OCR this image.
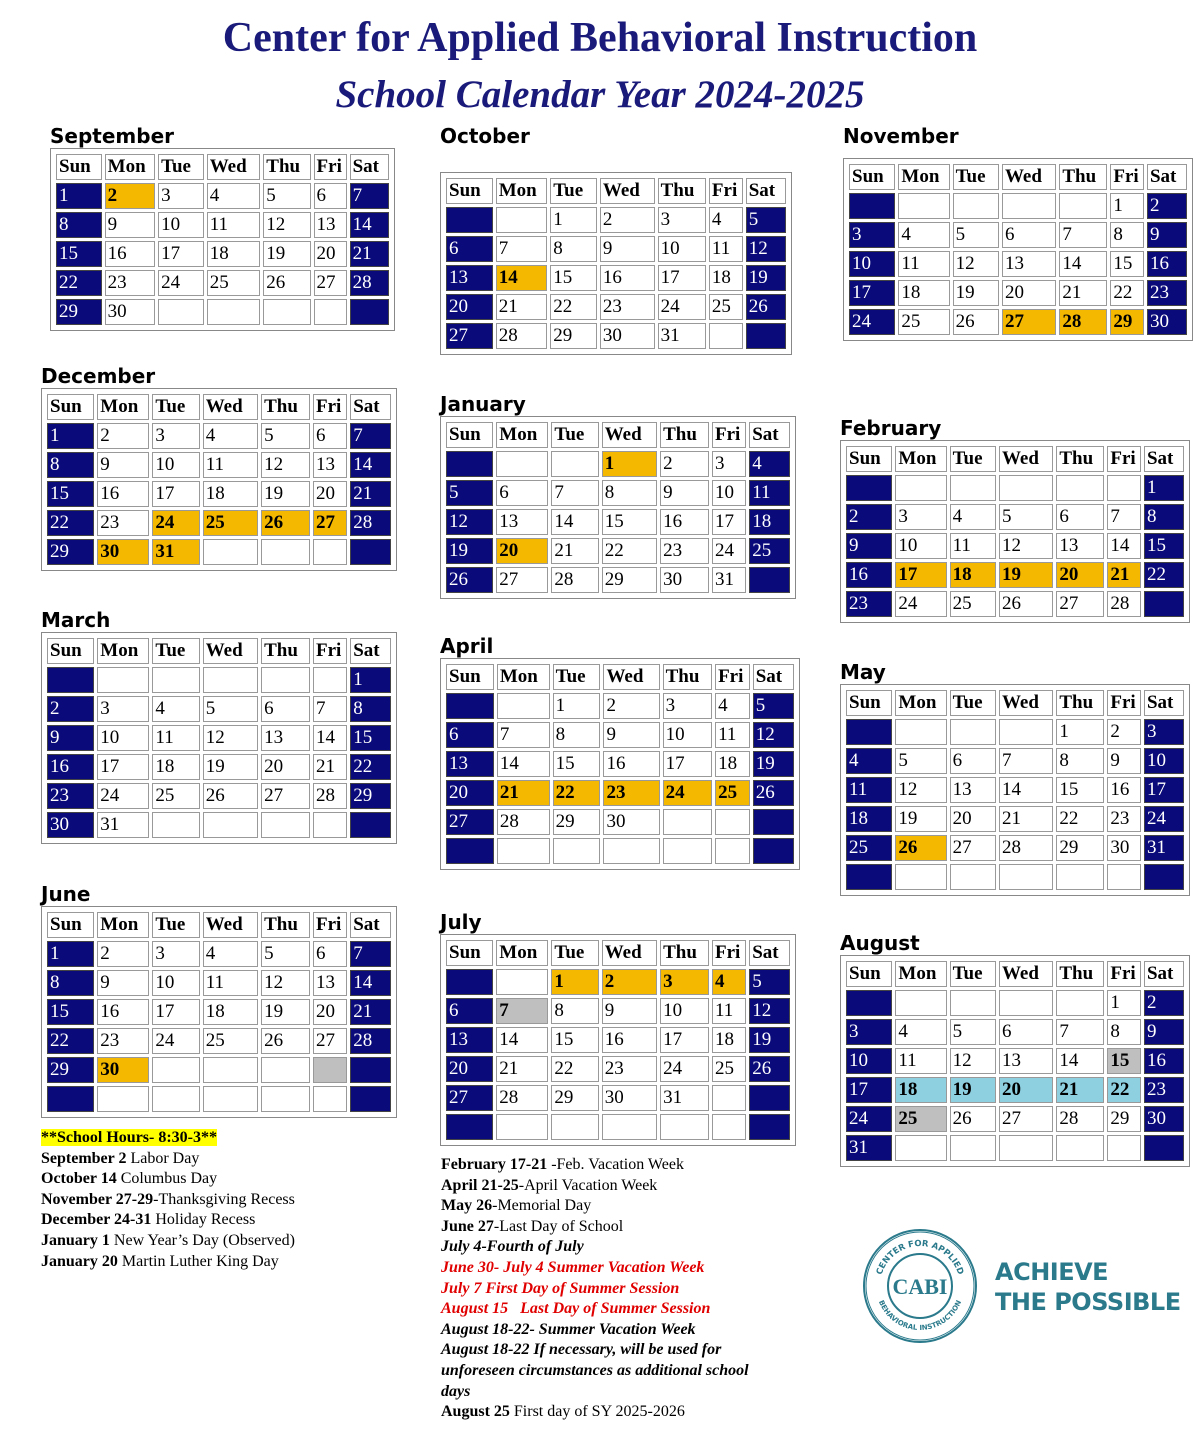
Center for Applied Behavioral Instruction
School Calendar Year 2024-2025
September
Sun	Mon	Tue	Wed	Thu	Fri	Sat
1	2	3	4	5	6	7
8	9	10	11	12	13	14
15	16	17	18	19	20	21
22	23	24	25	26	27	28
29	30					
October
Sun	Mon	Tue	Wed	Thu	Fri	Sat
		1	2	3	4	5
6	7	8	9	10	11	12
13	14	15	16	17	18	19
20	21	22	23	24	25	26
27	28	29	30	31		
November
Sun	Mon	Tue	Wed	Thu	Fri	Sat
					1	2
3	4	5	6	7	8	9
10	11	12	13	14	15	16
17	18	19	20	21	22	23
24	25	26	27	28	29	30
December
Sun	Mon	Tue	Wed	Thu	Fri	Sat
1	2	3	4	5	6	7
8	9	10	11	12	13	14
15	16	17	18	19	20	21
22	23	24	25	26	27	28
29	30	31				
January
Sun	Mon	Tue	Wed	Thu	Fri	Sat
			1	2	3	4
5	6	7	8	9	10	11
12	13	14	15	16	17	18
19	20	21	22	23	24	25
26	27	28	29	30	31	
February
Sun	Mon	Tue	Wed	Thu	Fri	Sat
						1
2	3	4	5	6	7	8
9	10	11	12	13	14	15
16	17	18	19	20	21	22
23	24	25	26	27	28	
March
Sun	Mon	Tue	Wed	Thu	Fri	Sat
						1
2	3	4	5	6	7	8
9	10	11	12	13	14	15
16	17	18	19	20	21	22
23	24	25	26	27	28	29
30	31					
April
Sun	Mon	Tue	Wed	Thu	Fri	Sat
		1	2	3	4	5
6	7	8	9	10	11	12
13	14	15	16	17	18	19
20	21	22	23	24	25	26
27	28	29	30			

May
Sun	Mon	Tue	Wed	Thu	Fri	Sat
				1	2	3
4	5	6	7	8	9	10
11	12	13	14	15	16	17
18	19	20	21	22	23	24
25	26	27	28	29	30	31

June
Sun	Mon	Tue	Wed	Thu	Fri	Sat
1	2	3	4	5	6	7
8	9	10	11	12	13	14
15	16	17	18	19	20	21
22	23	24	25	26	27	28
29	30					

July
Sun	Mon	Tue	Wed	Thu	Fri	Sat
		1	2	3	4	5
6	7	8	9	10	11	12
13	14	15	16	17	18	19
20	21	22	23	24	25	26
27	28	29	30	31		

August
Sun	Mon	Tue	Wed	Thu	Fri	Sat
					1	2
3	4	5	6	7	8	9
10	11	12	13	14	15	16
17	18	19	20	21	22	23
24	25	26	27	28	29	30
31						
**School Hours- 8:30-3**
September 2 Labor Day
October 14 Columbus Day
November 27-29-Thanksgiving Recess
December 24-31 Holiday Recess
January 1 New Year’s Day (Observed)
January 20 Martin Luther King Day
February 17-21 -Feb. Vacation Week
April 21-25-April Vacation Week
May 26-Memorial Day
June 27-Last Day of School
July 4-Fourth of July
June 30- July 4 Summer Vacation Week
July 7 First Day of Summer Session
August 15   Last Day of Summer Session
August 18-22- Summer Vacation Week
August 18-22 If necessary, will be used for
unforeseen circumstances as additional school
days
August 25 First day of SY 2025-2026
CENTER FOR APPLIED
BEHAVIORAL INSTRUCTION
CABI
ACHIEVE
THE POSSIBLE
